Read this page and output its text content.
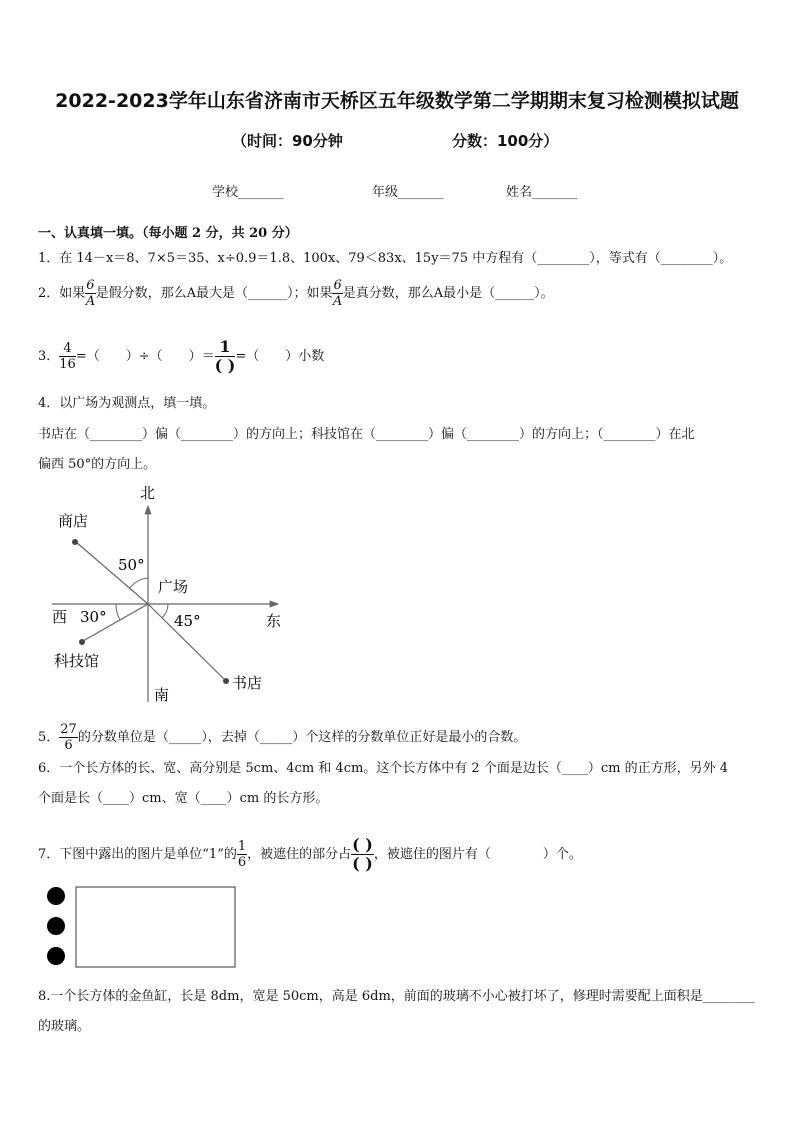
2022-2023学年山东省济南市天桥区五年级数学第二学期期末复习检测模拟试题
（时间：90分钟	分数：100分）
学校_______	年级_______	姓名_______
一、认真填一填。（每小题 2 分，共 20 分）
1．在 14－x＝8、7×5＝35、x÷0.9＝1.8、100x、79＜83x、15y＝75 中方程有（________），等式有（________）。
2．如果 $\frac{6}{A}$ 是假分数，那么A最大是（______）；如果 $\frac{6}{A}$ 是真分数，那么A最小是（______）。
3． $\frac{4}{16}$ =（　　）÷（　　）＝ $\frac{1}{( )}$ =（　　）小数
4．以广场为观测点，填一填。
书店在（________）偏（________）的方向上；科技馆在（________）偏（________）的方向上；（________）在北
偏西 50°的方向上。
北
南
东
西
商店
科技馆
书店
广场
50°
30°	45°
5． $\frac{27}{6}$ 的分数单位是（_____），去掉（_____）个这样的分数单位正好是最小的合数。
6．一个长方体的长、宽、高分别是 5cm、4cm 和 4cm。这个长方体中有 2 个面是边长（____）cm 的正方形，另外 4
个面是长（____）cm、宽（____）cm 的长方形。
7．下图中露出的图片是单位“1”的 $\frac{1}{6}$ ，被遮住的部分占 $\frac{( )}{( )}$ ，被遮住的图片有（　　　　）个。
8.一个长方体的金鱼缸，长是 8dm，宽是 50cm，高是 6dm，前面的玻璃不小心被打坏了，修理时需要配上面积是________
的玻璃。
